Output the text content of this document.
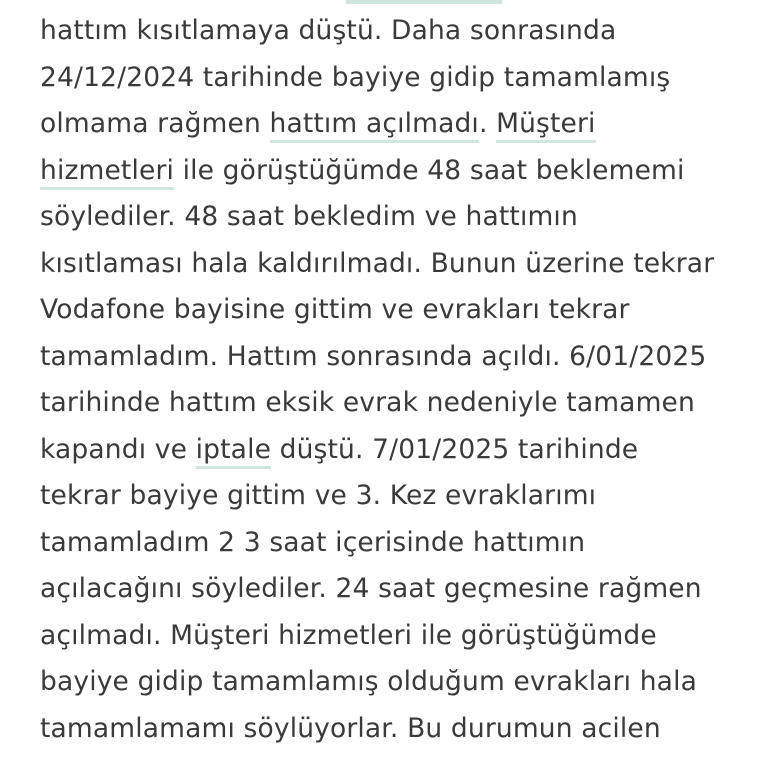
hattım kısıtlamaya düştü. Daha sonrasında
24/12/2024 tarihinde bayiye gidip tamamlamış
olmama rağmen hattım açılmadı. Müşteri
hizmetleri ile görüştüğümde 48 saat beklememi
söylediler. 48 saat bekledim ve hattımın
kısıtlaması hala kaldırılmadı. Bunun üzerine tekrar
Vodafone bayisine gittim ve evrakları tekrar
tamamladım. Hattım sonrasında açıldı. 6/01/2025
tarihinde hattım eksik evrak nedeniyle tamamen
kapandı ve iptale düştü. 7/01/2025 tarihinde
tekrar bayiye gittim ve 3. Kez evraklarımı
tamamladım 2 3 saat içerisinde hattımın
açılacağını söylediler. 24 saat geçmesine rağmen
açılmadı. Müşteri hizmetleri ile görüştüğümde
bayiye gidip tamamlamış olduğum evrakları hala
tamamlamamı söylüyorlar. Bu durumun acilen
